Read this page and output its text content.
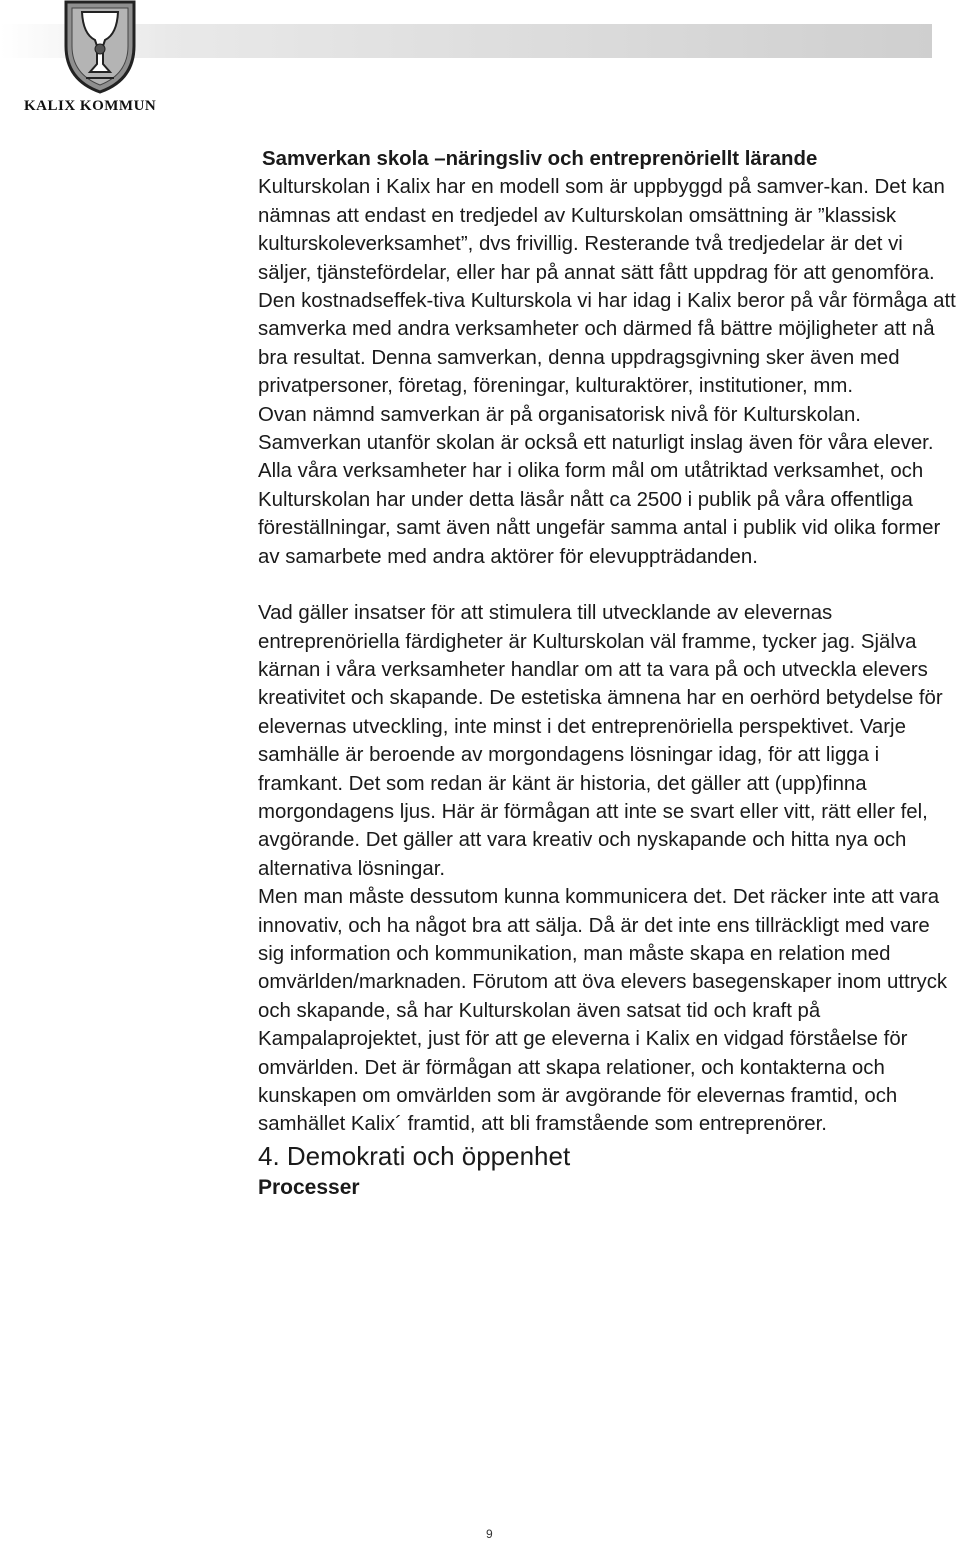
KALIX KOMMUN

Samverkan skola –näringsliv och entreprenöriellt lärande

Kulturskolan i Kalix har en modell som är uppbyggd på samver-kan. Det kan nämnas att endast en tredjedel av Kulturskolan omsättning är ”klassisk kulturskoleverksamhet”, dvs frivillig. Resterande två tredjedelar är det vi säljer, tjänstefördelar, eller har på annat sätt fått uppdrag för att genomföra. Den kostnadseffek-tiva Kulturskola vi har idag i Kalix beror på vår förmåga att samverka med andra verksamheter och därmed få bättre möjligheter att nå bra resultat. Denna samverkan, denna uppdragsgivning sker även med privatpersoner, företag, föreningar, kulturaktörer, institutioner, mm.

Ovan nämnd samverkan är på organisatorisk nivå för Kulturskolan. Samverkan utanför skolan är också ett naturligt inslag även för våra elever. Alla våra verksamheter har i olika form mål om utåtriktad verksamhet, och Kulturskolan har under detta läsår nått ca 2500 i publik på våra offentliga föreställningar, samt även nått ungefär samma antal i publik vid olika former av samarbete med andra aktörer för elevuppträdanden.

Vad gäller insatser för att stimulera till utvecklande av elevernas entreprenöriella färdigheter är Kulturskolan väl framme, tycker jag. Själva kärnan i våra verksamheter handlar om att ta vara på och utveckla elevers kreativitet och skapande. De estetiska ämnena har en oerhörd betydelse för elevernas utveckling, inte minst i det entreprenöriella perspektivet. Varje samhälle är beroende av morgondagens lösningar idag, för att ligga i framkant. Det som redan är känt är historia, det gäller att (upp)finna morgondagens ljus. Här är förmågan att inte se svart eller vitt, rätt eller fel, avgörande. Det gäller att vara kreativ och nyskapande och hitta nya och alternativa lösningar.

Men man måste dessutom kunna kommunicera det. Det räcker inte att vara innovativ, och ha något bra att sälja. Då är det inte ens tillräckligt med vare sig information och kommunikation, man måste skapa en relation med omvärlden/marknaden. Förutom att öva elevers basegenskaper inom uttryck och skapande, så har Kulturskolan även satsat tid och kraft på Kampalaprojektet, just för att ge eleverna i Kalix en vidgad förståelse för omvärlden. Det är förmågan att skapa relationer, och kontakterna och kunskapen om omvärlden som är avgörande för elevernas framtid, och samhället Kalix´ framtid, att bli framstående som entreprenörer.

4. Demokrati och öppenhet

Processer

9
